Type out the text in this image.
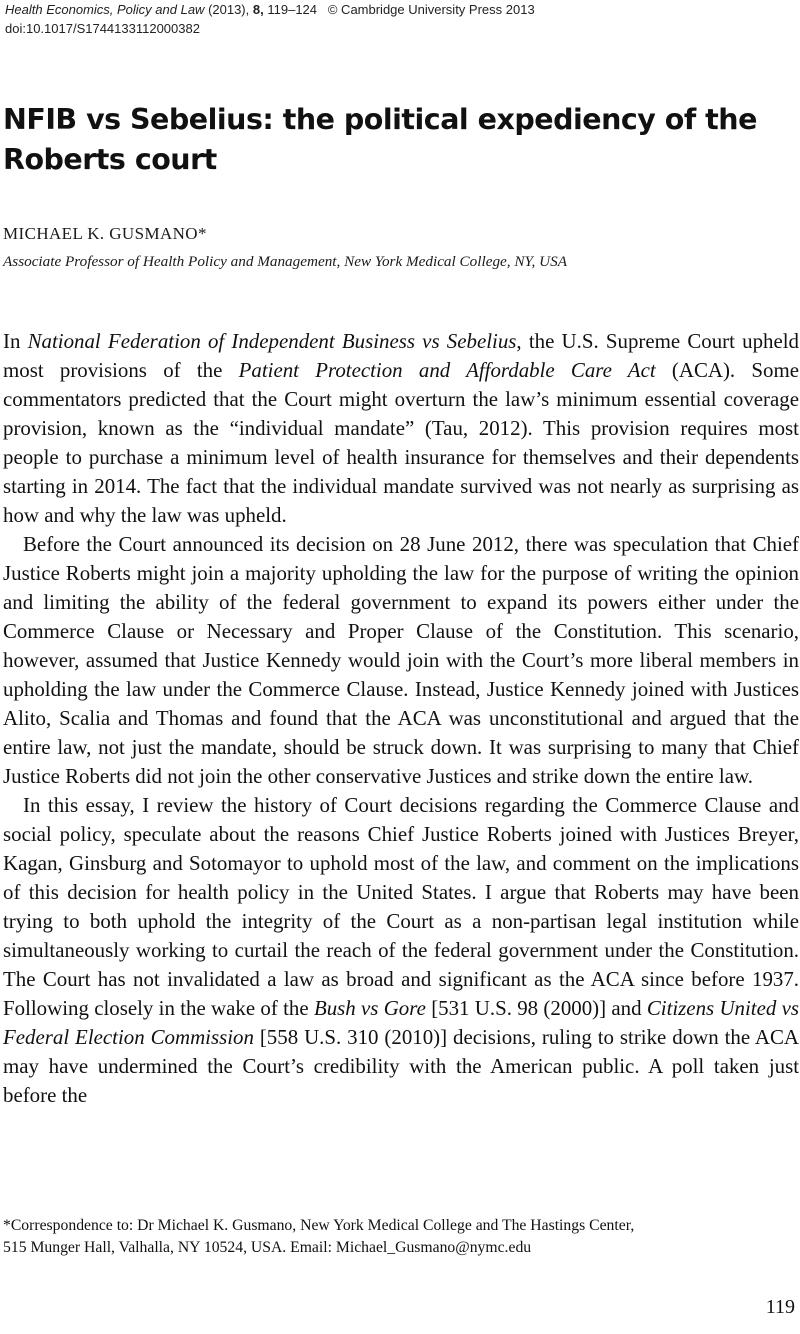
Health Economics, Policy and Law (2013), 8, 119–124 © Cambridge University Press 2013
doi:10.1017/S1744133112000382
NFIB vs Sebelius: the political expediency of the Roberts court

MICHAEL K. GUSMANO*

Associate Professor of Health Policy and Management, New York Medical College, NY, USA

In National Federation of Independent Business vs Sebelius, the U.S. Supreme Court upheld most provisions of the Patient Protection and Affordable Care Act (ACA). Some commentators predicted that the Court might overturn the law’s minimum essential coverage provision, known as the “individual mandate” (Tau, 2012). This provision requires most people to purchase a minimum level of health insurance for themselves and their dependents starting in 2014. The fact that the individual mandate survived was not nearly as surprising as how and why the law was upheld.

Before the Court announced its decision on 28 June 2012, there was speculation that Chief Justice Roberts might join a majority upholding the law for the purpose of writing the opinion and limiting the ability of the federal government to expand its powers either under the Commerce Clause or Necessary and Proper Clause of the Constitution. This scenario, however, assumed that Justice Kennedy would join with the Court’s more liberal members in upholding the law under the Commerce Clause. Instead, Justice Kennedy joined with Justices Alito, Scalia and Thomas and found that the ACA was unconstitutional and argued that the entire law, not just the mandate, should be struck down. It was surprising to many that Chief Justice Roberts did not join the other conservative Justices and strike down the entire law.

In this essay, I review the history of Court decisions regarding the Commerce Clause and social policy, speculate about the reasons Chief Justice Roberts joined with Justices Breyer, Kagan, Ginsburg and Sotomayor to uphold most of the law, and comment on the implications of this decision for health policy in the United States. I argue that Roberts may have been trying to both uphold the integrity of the Court as a non-partisan legal institution while simultaneously working to curtail the reach of the federal government under the Constitution. The Court has not invalidated a law as broad and significant as the ACA since before 1937. Following closely in the wake of the Bush vs Gore [531 U.S. 98 (2000)] and Citizens United vs Federal Election Commission [558 U.S. 310 (2010)] decisions, ruling to strike down the ACA may have undermined the Court’s credibility with the American public. A poll taken just before the

*Correspondence to: Dr Michael K. Gusmano, New York Medical College and The Hastings Center,
515 Munger Hall, Valhalla, NY 10524, USA. Email: Michael_Gusmano@nymc.edu
119
